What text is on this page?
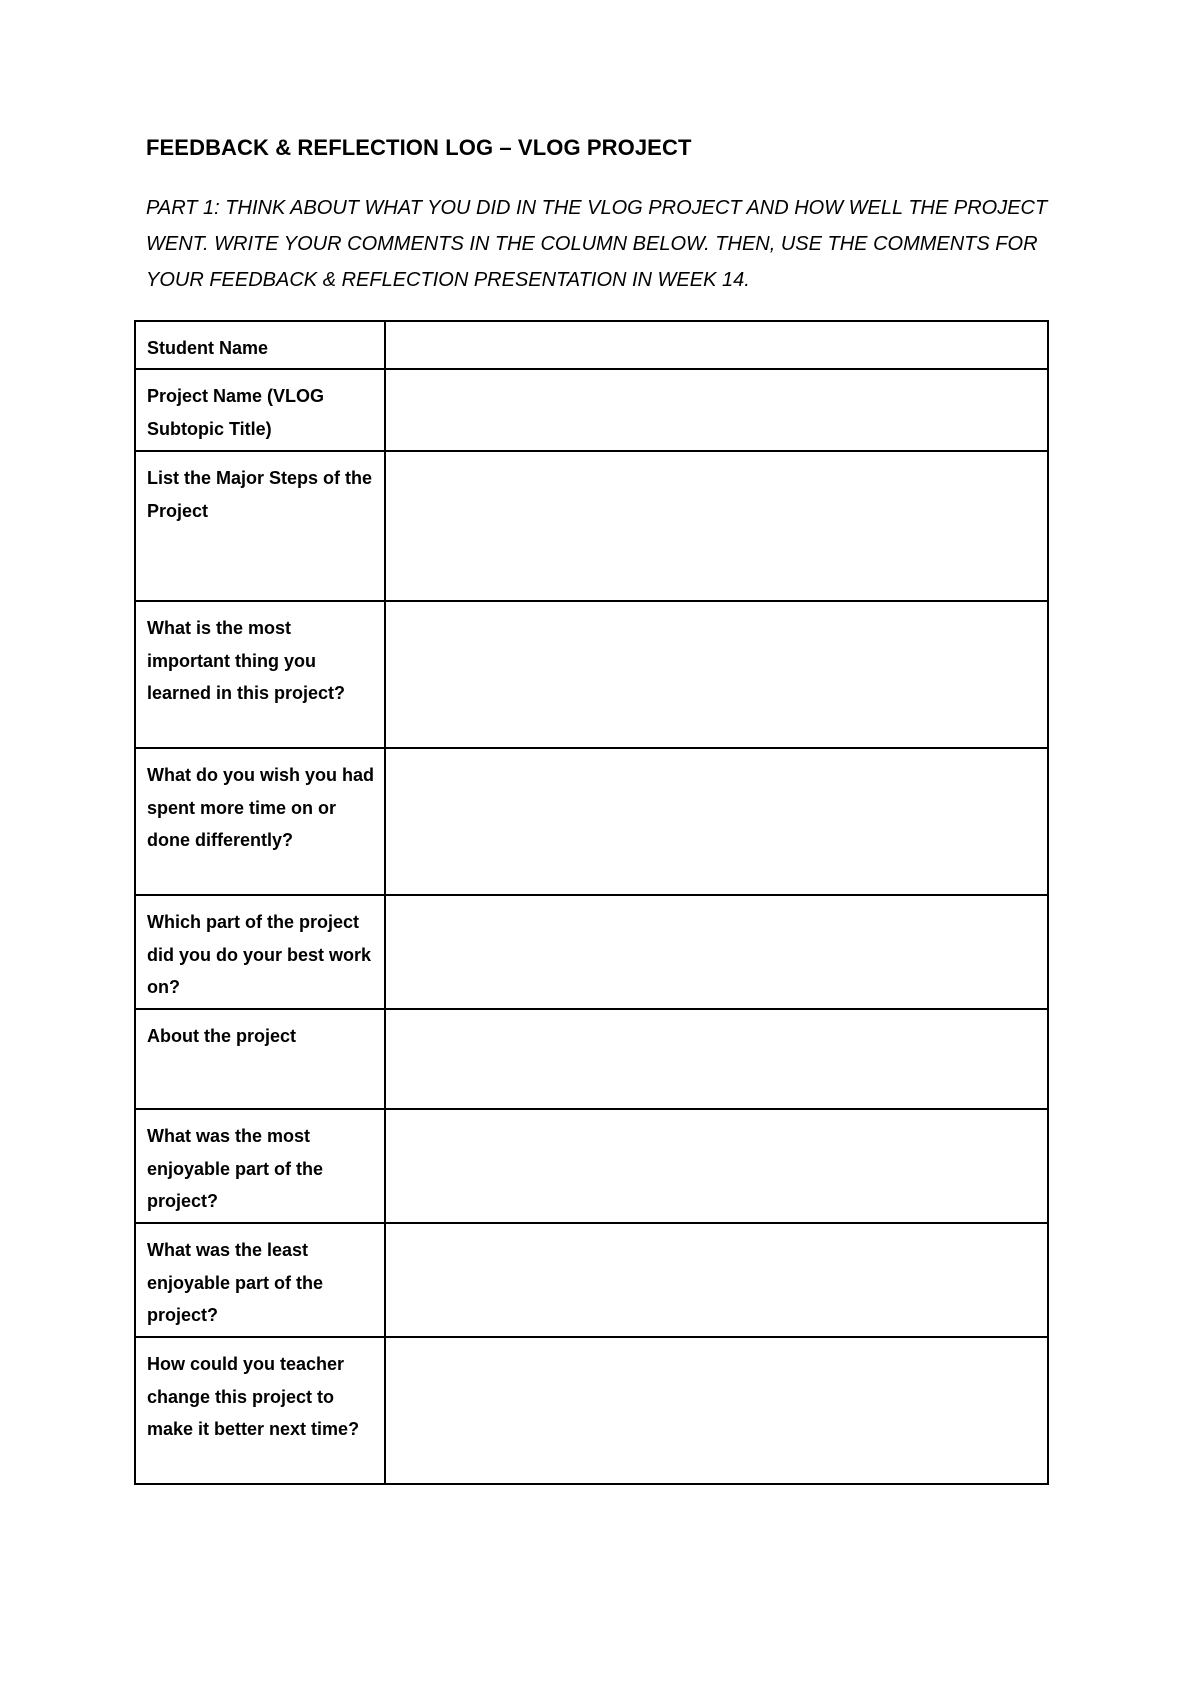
FEEDBACK & REFLECTION LOG – VLOG PROJECT
PART 1: THINK ABOUT WHAT YOU DID IN THE VLOG PROJECT AND HOW WELL THE PROJECT
WENT. WRITE YOUR COMMENTS IN THE COLUMN BELOW. THEN, USE THE COMMENTS FOR
YOUR FEEDBACK & REFLECTION PRESENTATION IN WEEK 14.
Student Name	
Project Name (VLOG Subtopic Title)	
List the Major Steps of the Project	
What is the most important thing you learned in this project?	
What do you wish you had spent more time on or done differently?	
Which part of the project did you do your best work on?	
About the project	
What was the most enjoyable part of the project?	
What was the least enjoyable part of the project?	
How could you teacher change this project to make it better next time?	
